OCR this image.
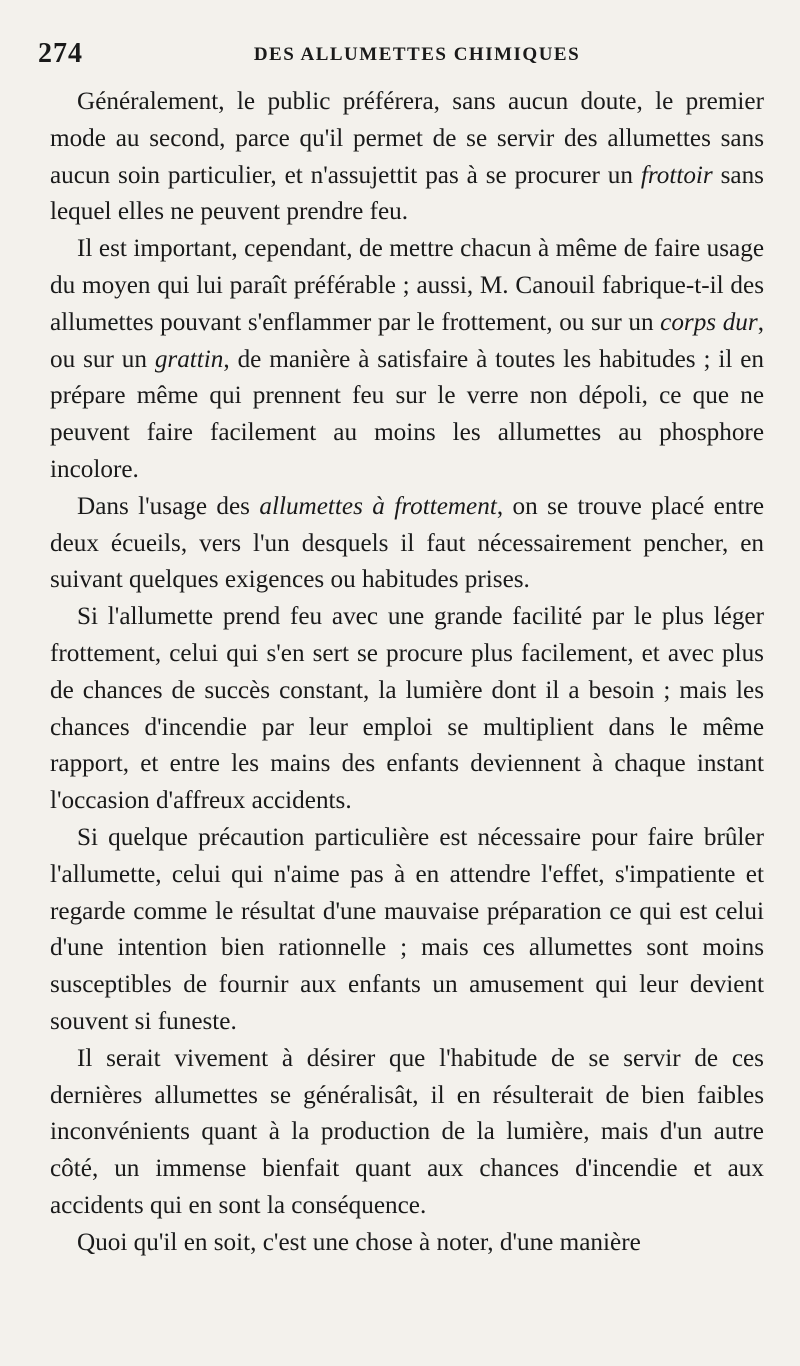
274	DES ALLUMETTES CHIMIQUES

Généralement, le public préférera, sans aucun doute, le premier mode au second, parce qu'il permet de se servir des allumettes sans aucun soin particulier, et n'assujettit pas à se procurer un frottoir sans lequel elles ne peuvent prendre feu.

Il est important, cependant, de mettre chacun à même de faire usage du moyen qui lui paraît préférable ; aussi, M. Canouil fabrique-t-il des allumettes pouvant s'enflammer par le frottement, ou sur un corps dur, ou sur un grattin, de manière à satisfaire à toutes les habitudes ; il en prépare même qui prennent feu sur le verre non dépoli, ce que ne peuvent faire facilement au moins les allumettes au phosphore incolore.

Dans l'usage des allumettes à frottement, on se trouve placé entre deux écueils, vers l'un desquels il faut nécessairement pencher, en suivant quelques exigences ou habitudes prises.

Si l'allumette prend feu avec une grande facilité par le plus léger frottement, celui qui s'en sert se procure plus facilement, et avec plus de chances de succès constant, la lumière dont il a besoin ; mais les chances d'incendie par leur emploi se multiplient dans le même rapport, et entre les mains des enfants deviennent à chaque instant l'occasion d'affreux accidents.

Si quelque précaution particulière est nécessaire pour faire brûler l'allumette, celui qui n'aime pas à en attendre l'effet, s'impatiente et regarde comme le résultat d'une mauvaise préparation ce qui est celui d'une intention bien rationnelle ; mais ces allumettes sont moins susceptibles de fournir aux enfants un amusement qui leur devient souvent si funeste.

Il serait vivement à désirer que l'habitude de se servir de ces dernières allumettes se généralisât, il en résulterait de bien faibles inconvénients quant à la production de la lumière, mais d'un autre côté, un immense bienfait quant aux chances d'incendie et aux accidents qui en sont la conséquence.

Quoi qu'il en soit, c'est une chose à noter, d'une manière
